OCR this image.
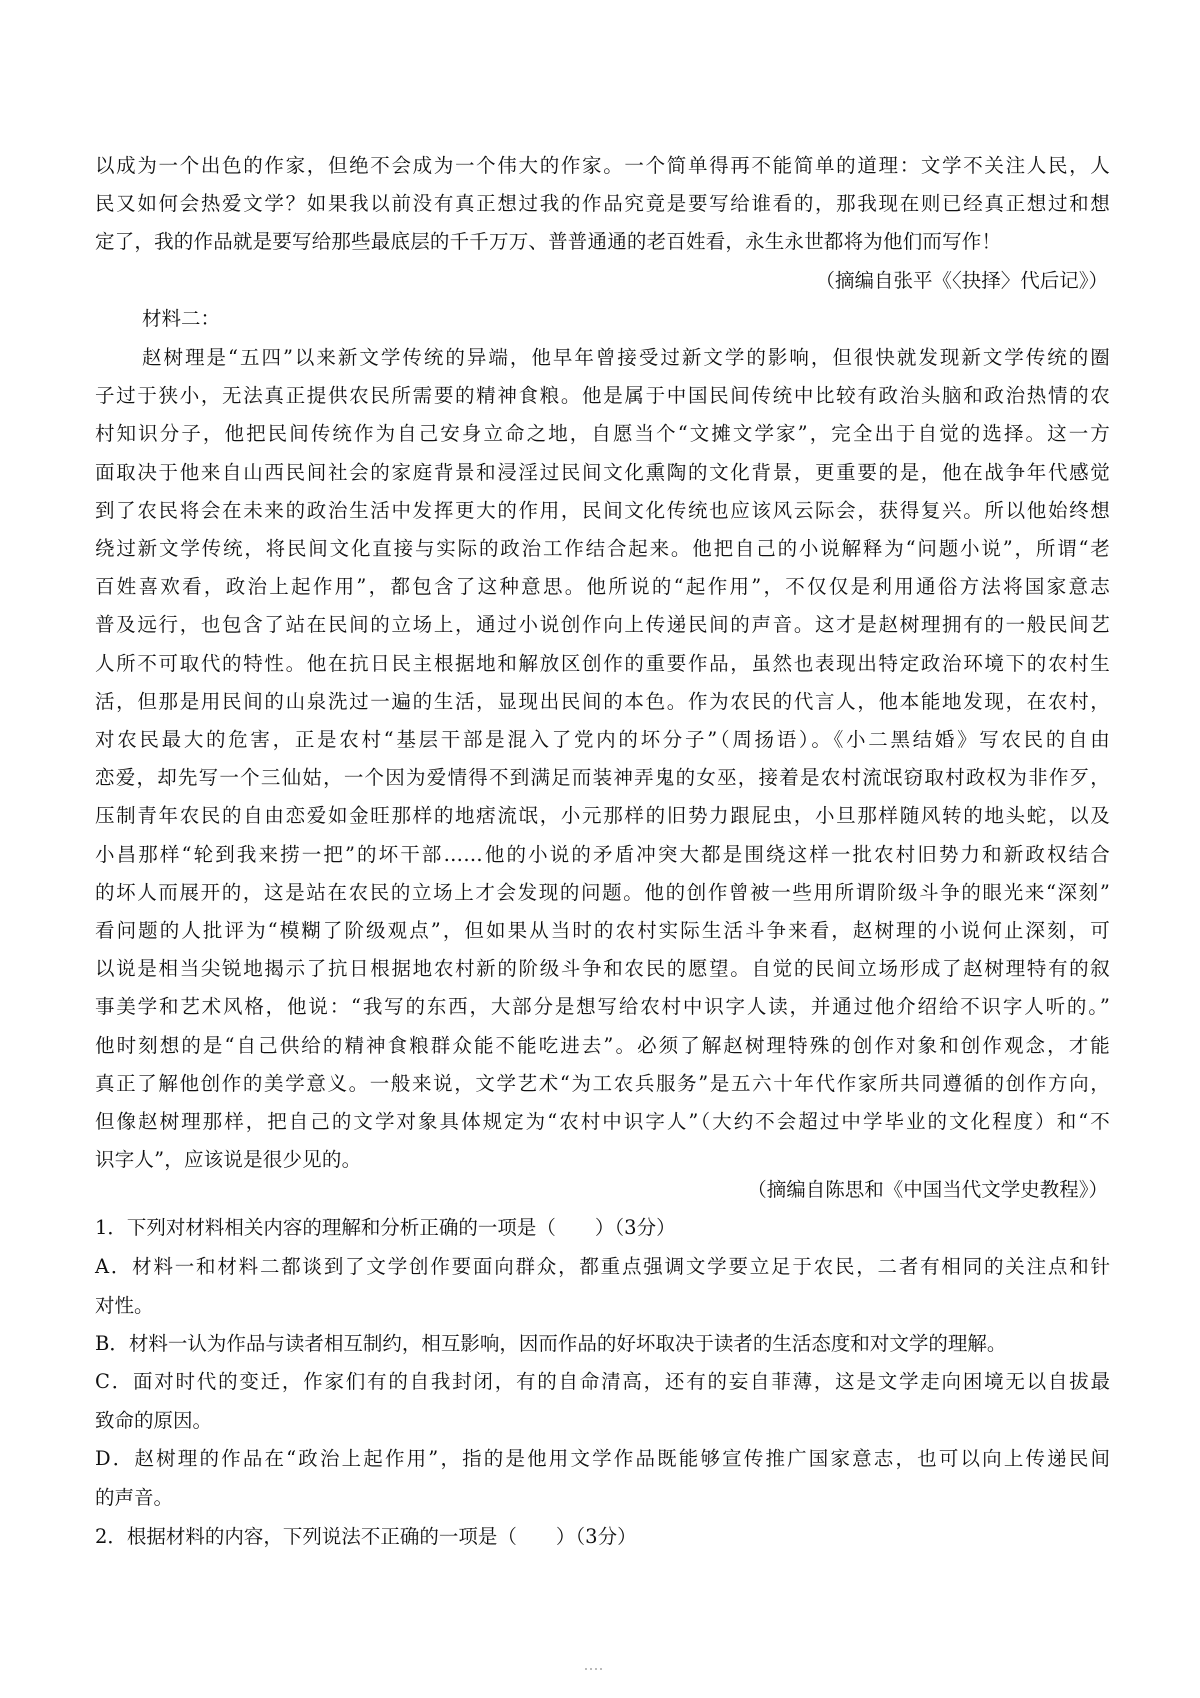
以成为一个出色的作家，但绝不会成为一个伟大的作家。一个简单得再不能简单的道理：文学不关注人民，人
民又如何会热爱文学？如果我以前没有真正想过我的作品究竟是要写给谁看的，那我现在则已经真正想过和想
定了，我的作品就是要写给那些最底层的千千万万、普普通通的老百姓看，永生永世都将为他们而写作！
（摘编自张平《〈抉择〉代后记》）
材料二：
赵树理是“五四”以来新文学传统的异端，他早年曾接受过新文学的影响，但很快就发现新文学传统的圈
子过于狭小，无法真正提供农民所需要的精神食粮。他是属于中国民间传统中比较有政治头脑和政治热情的农
村知识分子，他把民间传统作为自己安身立命之地，自愿当个“文摊文学家”，完全出于自觉的选择。这一方
面取决于他来自山西民间社会的家庭背景和浸淫过民间文化熏陶的文化背景，更重要的是，他在战争年代感觉
到了农民将会在未来的政治生活中发挥更大的作用，民间文化传统也应该风云际会，获得复兴。所以他始终想
绕过新文学传统，将民间文化直接与实际的政治工作结合起来。他把自己的小说解释为“问题小说”，所谓“老
百姓喜欢看，政治上起作用”，都包含了这种意思。他所说的“起作用”，不仅仅是利用通俗方法将国家意志
普及远行，也包含了站在民间的立场上，通过小说创作向上传递民间的声音。这才是赵树理拥有的一般民间艺
人所不可取代的特性。他在抗日民主根据地和解放区创作的重要作品，虽然也表现出特定政治环境下的农村生
活，但那是用民间的山泉洗过一遍的生活，显现出民间的本色。作为农民的代言人，他本能地发现，在农村，
对农民最大的危害，正是农村“基层干部是混入了党内的坏分子”（周扬语）。《小二黑结婚》写农民的自由
恋爱，却先写一个三仙姑，一个因为爱情得不到满足而装神弄鬼的女巫，接着是农村流氓窃取村政权为非作歹，
压制青年农民的自由恋爱如金旺那样的地痞流氓，小元那样的旧势力跟屁虫，小旦那样随风转的地头蛇，以及
小昌那样“轮到我来捞一把”的坏干部……他的小说的矛盾冲突大都是围绕这样一批农村旧势力和新政权结合
的坏人而展开的，这是站在农民的立场上才会发现的问题。他的创作曾被一些用所谓阶级斗争的眼光来“深刻”
看问题的人批评为“模糊了阶级观点”，但如果从当时的农村实际生活斗争来看，赵树理的小说何止深刻，可
以说是相当尖锐地揭示了抗日根据地农村新的阶级斗争和农民的愿望。自觉的民间立场形成了赵树理特有的叙
事美学和艺术风格，他说：“我写的东西，大部分是想写给农村中识字人读，并通过他介绍给不识字人听的。”
他时刻想的是“自己供给的精神食粮群众能不能吃进去”。必须了解赵树理特殊的创作对象和创作观念，才能
真正了解他创作的美学意义。一般来说，文学艺术“为工农兵服务”是五六十年代作家所共同遵循的创作方向，
但像赵树理那样，把自己的文学对象具体规定为“农村中识字人”（大约不会超过中学毕业的文化程度）和“不
识字人”，应该说是很少见的。
（摘编自陈思和《中国当代文学史教程》）
1．下列对材料相关内容的理解和分析正确的一项是（　　）（3分）
A．材料一和材料二都谈到了文学创作要面向群众，都重点强调文学要立足于农民，二者有相同的关注点和针
对性。
B．材料一认为作品与读者相互制约，相互影响，因而作品的好坏取决于读者的生活态度和对文学的理解。
C．面对时代的变迁，作家们有的自我封闭，有的自命清高，还有的妄自菲薄，这是文学走向困境无以自拔最
致命的原因。
D．赵树理的作品在“政治上起作用”，指的是他用文学作品既能够宣传推广国家意志，也可以向上传递民间
的声音。
2．根据材料的内容，下列说法不正确的一项是（　　）（3分）
